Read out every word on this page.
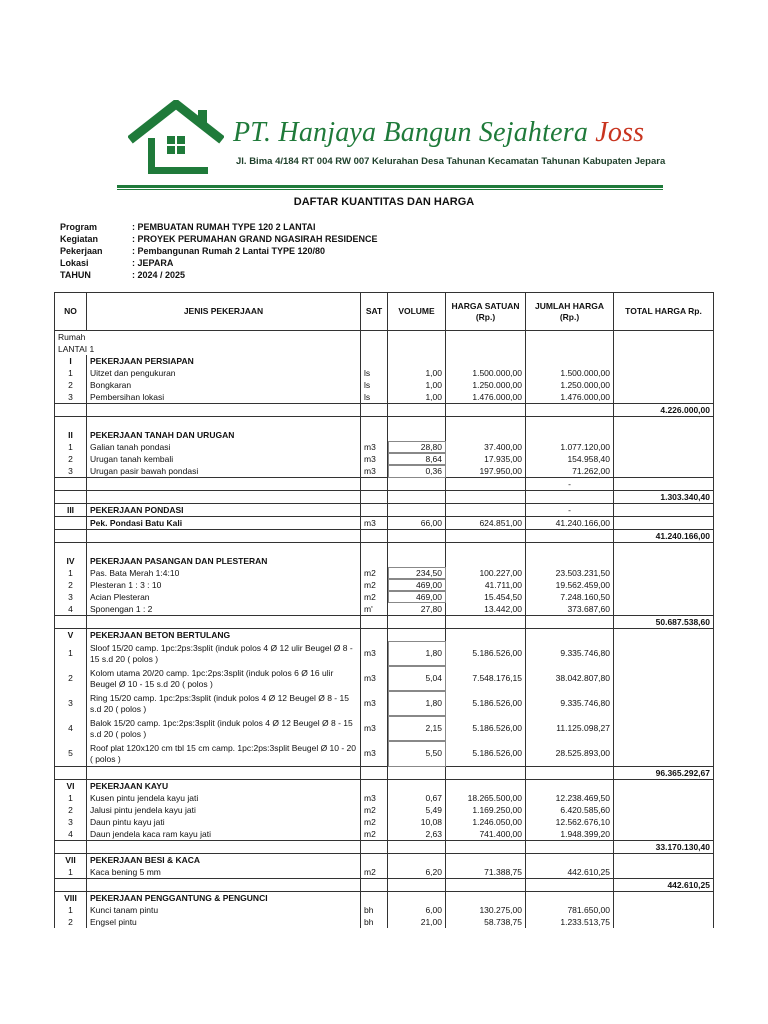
PT. Hanjaya Bangun Sejahtera Joss
Jl. Bima 4/184 RT 004 RW 007 Kelurahan Desa Tahunan Kecamatan Tahunan Kabupaten Jepara
DAFTAR KUANTITAS DAN HARGA
Program	: PEMBUATAN RUMAH TYPE 120 2 LANTAI
Kegiatan	: PROYEK PERUMAHAN GRAND NGASIRAH RESIDENCE
Pekerjaan	: Pembangunan Rumah 2 Lantai TYPE 120/80
Lokasi	: JEPARA
TAHUN	: 2024 / 2025
NO	JENIS PEKERJAAN	SAT	VOLUME	HARGA SATUAN (Rp.)	JUMLAH HARGA (Rp.)	TOTAL HARGA Rp.
Rumah						
LANTAI 1						
I	PEKERJAAN PERSIAPAN					
1	Uitzet dan pengukuran	ls	1,00	1.500.000,00	1.500.000,00	
2	Bongkaran	ls	1,00	1.250.000,00	1.250.000,00	
3	Pembersihan lokasi	ls	1,00	1.476.000,00	1.476.000,00	
						4.226.000,00

II	PEKERJAAN TANAH DAN URUGAN					
1	Galian tanah pondasi	m3	28,80	37.400,00	1.077.120,00	
2	Urugan tanah kembali	m3	8,64	17.935,00	154.958,40	
3	Urugan pasir bawah pondasi	m3	0,36	197.950,00	71.262,00	
					-	
						1.303.340,40
III	PEKERJAAN PONDASI				-	
	Pek. Pondasi Batu Kali	m3	66,00	624.851,00	41.240.166,00	
						41.240.166,00

IV	PEKERJAAN PASANGAN DAN PLESTERAN					
1	Pas. Bata Merah 1:4:10	m2	234,50	100.227,00	23.503.231,50	
2	Plesteran 1 : 3 : 10	m2	469,00	41.711,00	19.562.459,00	
3	Acian Plesteran	m2	469,00	15.454,50	7.248.160,50	
4	Sponengan 1 : 2	m'	27,80	13.442,00	373.687,60	
						50.687.538,60
V	PEKERJAAN BETON BERTULANG					
1	Sloof 15/20 camp. 1pc:2ps:3split (induk polos 4 Ø 12 ulir Beugel Ø 8 - 15 s.d 20 ( polos )	m3	1,80	5.186.526,00	9.335.746,80	
2	Kolom utama 20/20 camp. 1pc:2ps:3split (induk polos 6 Ø 16 ulir Beugel Ø 10 - 15 s.d 20 ( polos )	m3	5,04	7.548.176,15	38.042.807,80	
3	Ring 15/20 camp. 1pc:2ps:3split (induk polos 4 Ø 12 Beugel Ø 8 - 15 s.d 20 ( polos )	m3	1,80	5.186.526,00	9.335.746,80	
4	Balok 15/20 camp. 1pc:2ps:3split (induk polos 4 Ø 12 Beugel Ø 8 - 15 s.d 20 ( polos )	m3	2,15	5.186.526,00	11.125.098,27	
5	Roof plat 120x120 cm tbl 15 cm camp. 1pc:2ps:3split Beugel Ø 10 - 20 ( polos )	m3	5,50	5.186.526,00	28.525.893,00	
						96.365.292,67
VI	PEKERJAAN KAYU					
1	Kusen pintu jendela kayu jati	m3	0,67	18.265.500,00	12.238.469,50	
2	Jalusi pintu jendela kayu jati	m2	5,49	1.169.250,00	6.420.585,60	
3	Daun pintu kayu jati	m2	10,08	1.246.050,00	12.562.676,10	
4	Daun jendela kaca ram kayu jati	m2	2,63	741.400,00	1.948.399,20	
						33.170.130,40
VII	PEKERJAAN BESI & KACA					
1	Kaca bening 5 mm	m2	6,20	71.388,75	442.610,25	
						442.610,25
VIII	PEKERJAAN PENGGANTUNG & PENGUNCI					
1	Kunci tanam pintu	bh	6,00	130.275,00	781.650,00	
2	Engsel pintu	bh	21,00	58.738,75	1.233.513,75	
